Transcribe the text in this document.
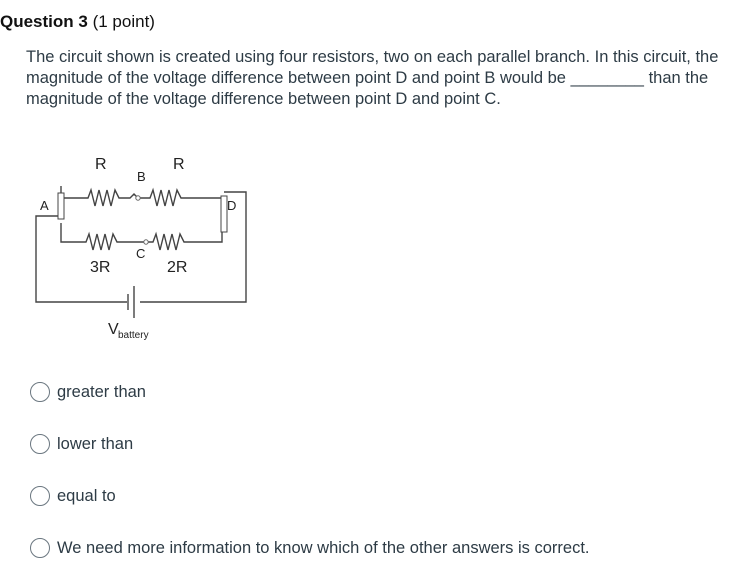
Question 3 (1 point)
The circuit shown is created using four resistors, two on each parallel branch. In this circuit, the magnitude of the voltage difference between point D and point B would be ________ than the magnitude of the voltage difference between point D and point C.
R	R
B
A	D
C
3R	2R
V battery
greater than
lower than
equal to
We need more information to know which of the other answers is correct.
